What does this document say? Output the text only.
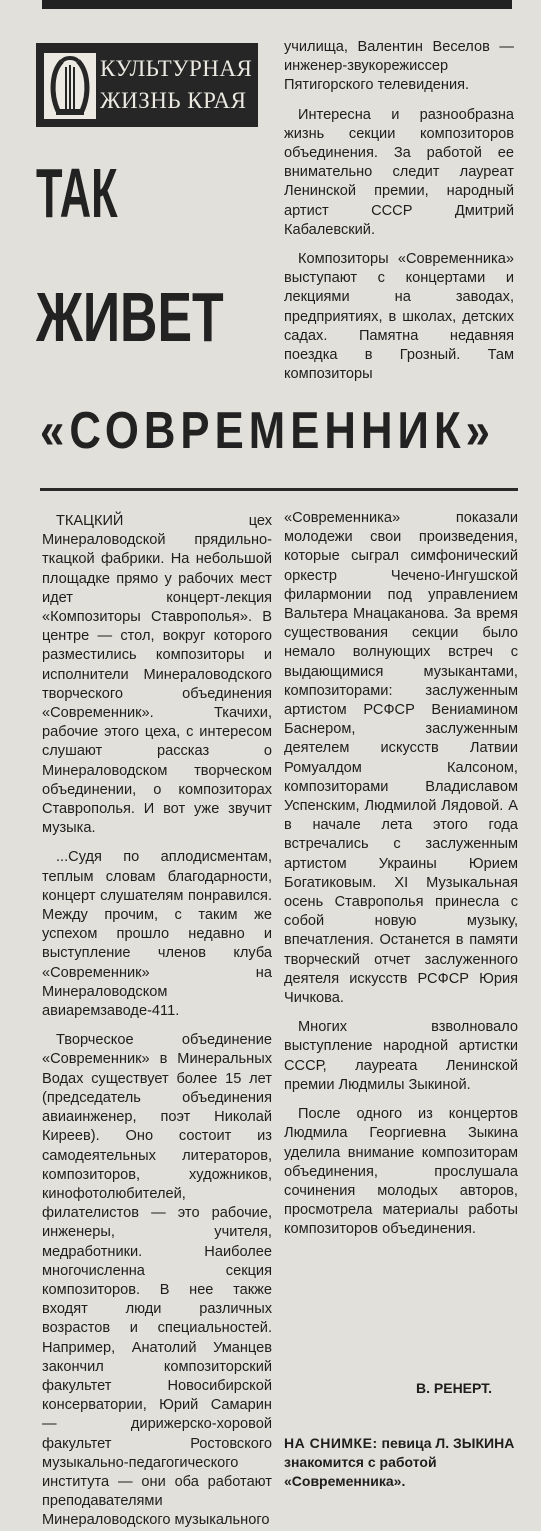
КУЛЬТУРНАЯ
ЖИЗНЬ КРАЯ
ТАК
ЖИВЕТ
«СОВРЕМЕННИК»

училища, Валентин Веселов — инженер-звукорежиссер Пятигорского телевидения.

Интересна и разнообразна жизнь секции композиторов объединения. За работой ее внимательно следит лауреат Ленинской премии, народный артист СССР Дмитрий Кабалевский.

Композиторы «Современника» выступают с концертами и лекциями на заводах, предприятиях, в школах, детских садах. Памятна недавняя поездка в Грозный. Там композиторы

ТКАЦКИЙ цех Минераловодской прядильно-ткацкой фабрики. На небольшой площадке прямо у рабочих мест идет концерт-лекция «Композиторы Ставрополья». В центре — стол, вокруг которого разместились композиторы и исполнители Минераловодского творческого объединения «Современник». Ткачихи, рабочие этого цеха, с интересом слушают рассказ о Минераловодском творческом объединении, о композиторах Ставрополья. И вот уже звучит музыка.

...Судя по аплодисментам, теплым словам благодарности, концерт слушателям понравился. Между прочим, с таким же успехом прошло недавно и выступление членов клуба «Современник» на Минераловодском авиаремзаводе-411.

Творческое объединение «Современник» в Минеральных Водах существует более 15 лет (председатель объединения авиаинженер, поэт Николай Киреев). Оно состоит из самодеятельных литераторов, композиторов, художников, кинофотолюбителей, филателистов — это рабочие, инженеры, учителя, медработники. Наиболее многочисленна секция композиторов. В нее также входят люди различных возрастов и специальностей. Например, Анатолий Уманцев закончил композиторский факультет Новосибирской консерватории, Юрий Самарин — дирижерско-хоровой факультет Ростовского музыкально-педагогического института — они оба работают преподавателями Минераловодского музыкального

«Современника» показали молодежи свои произведения, которые сыграл симфонический оркестр Чечено-Ингушской филармонии под управлением Вальтера Мнацаканова. За время существования секции было немало волнующих встреч с выдающимися музыкантами, композиторами: заслуженным артистом РСФСР Вениамином Баснером, заслуженным деятелем искусств Латвии Ромуалдом Калсоном, композиторами Владиславом Успенским, Людмилой Лядовой. А в начале лета этого года встречались с заслуженным артистом Украины Юрием Богатиковым. XI Музыкальная осень Ставрополья принесла с собой новую музыку, впечатления. Останется в памяти творческий отчет заслуженного деятеля искусств РСФСР Юрия Чичкова.

Многих взволновало выступление народной артистки СССР, лауреата Ленинской премии Людмилы Зыкиной.

После одного из концертов Людмила Георгиевна Зыкина уделила внимание композиторам объединения, прослушала сочинения молодых авторов, просмотрела материалы работы композиторов объединения.

В. РЕНЕРТ.
НА СНИМКЕ: певица Л. ЗЫКИНА знакомится с работой «Современника».
